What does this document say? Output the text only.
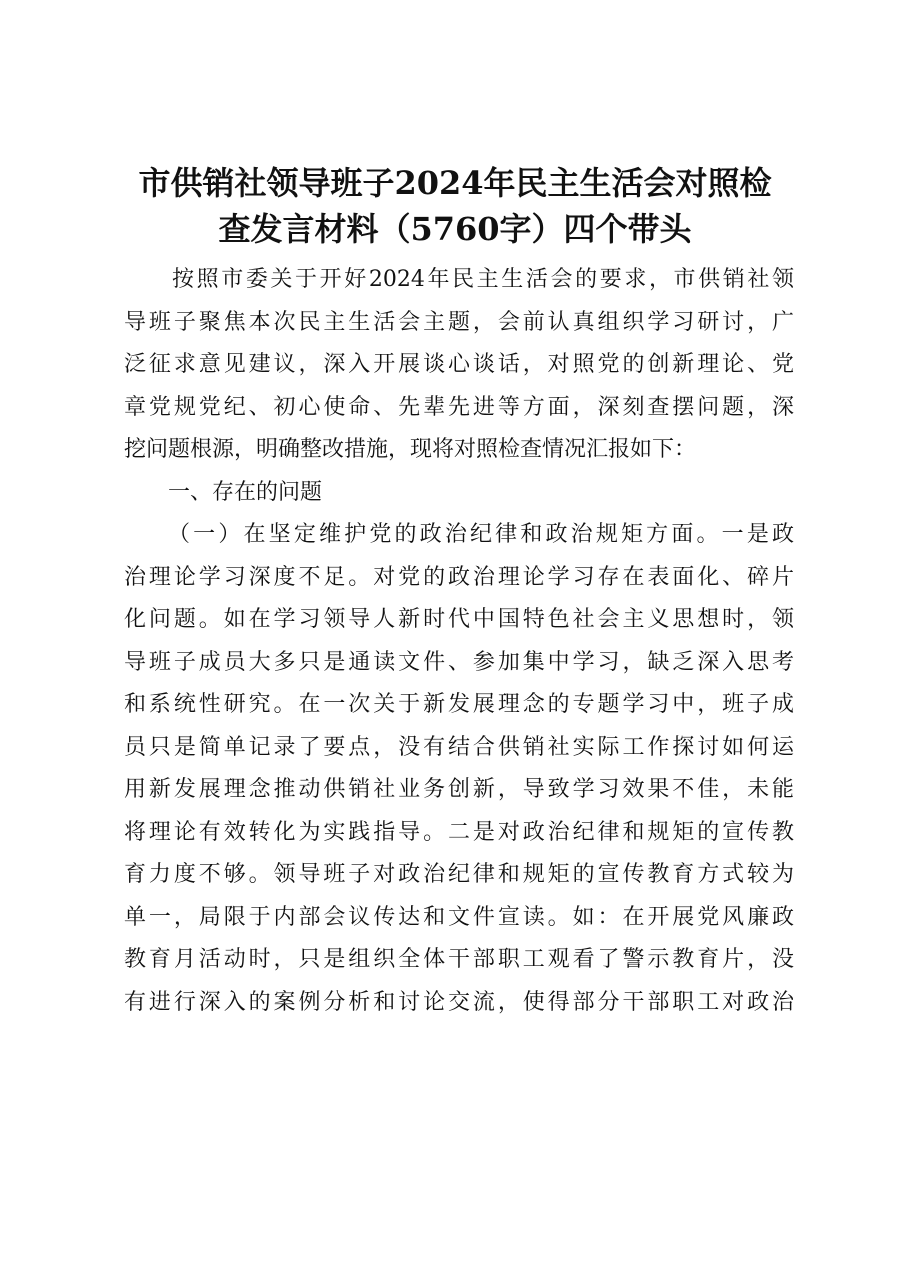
市供销社领导班子2024年民主生活会对照检
查发言材料（5760字）四个带头
按照市委关于开好2024年民主生活会的要求，市供销社领
导班子聚焦本次民主生活会主题，会前认真组织学习研讨，广
泛征求意见建议，深入开展谈心谈话，对照党的创新理论、党
章党规党纪、初心使命、先辈先进等方面，深刻查摆问题，深
挖问题根源，明确整改措施，现将对照检查情况汇报如下：
一、存在的问题
（一）在坚定维护党的政治纪律和政治规矩方面。一是政
治理论学习深度不足。对党的政治理论学习存在表面化、碎片
化问题。如在学习领导人新时代中国特色社会主义思想时，领
导班子成员大多只是通读文件、参加集中学习，缺乏深入思考
和系统性研究。在一次关于新发展理念的专题学习中，班子成
员只是简单记录了要点，没有结合供销社实际工作探讨如何运
用新发展理念推动供销社业务创新，导致学习效果不佳，未能
将理论有效转化为实践指导。二是对政治纪律和规矩的宣传教
育力度不够。领导班子对政治纪律和规矩的宣传教育方式较为
单一，局限于内部会议传达和文件宣读。如：在开展党风廉政
教育月活动时，只是组织全体干部职工观看了警示教育片，没
有进行深入的案例分析和讨论交流，使得部分干部职工对政治
